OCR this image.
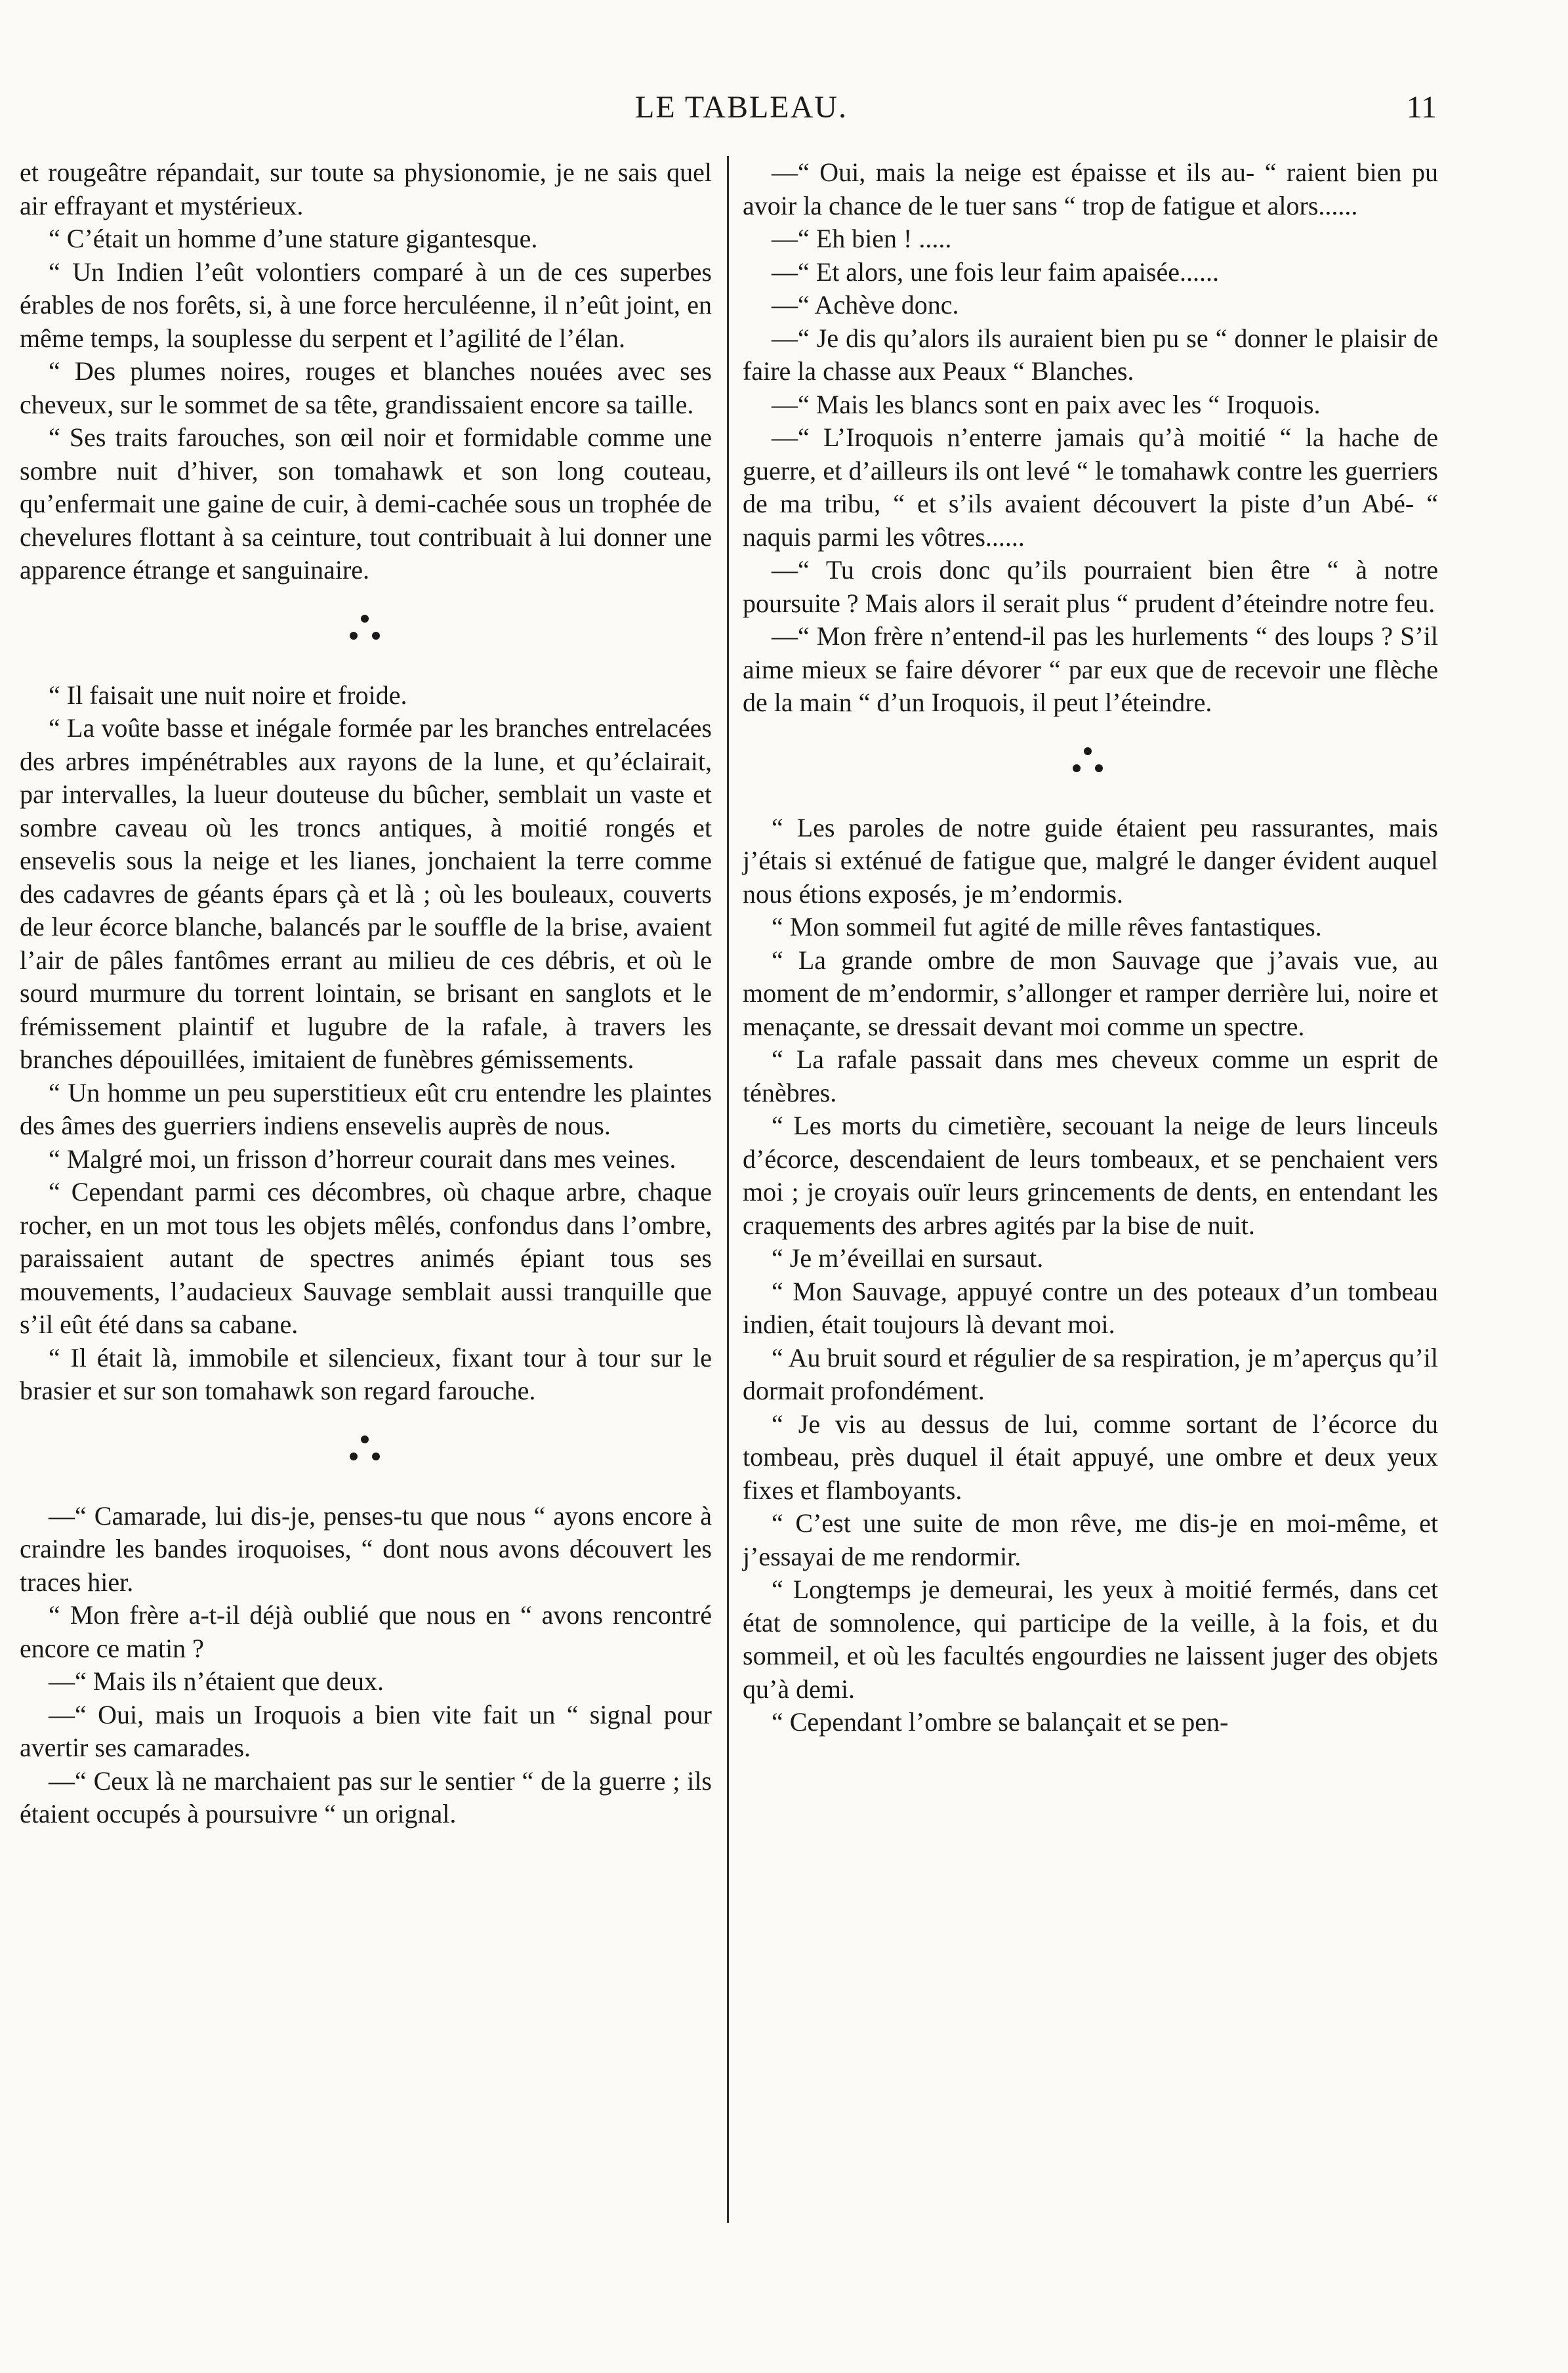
LE TABLEAU.	11

et rougeâtre répandait, sur toute sa physionomie, je ne sais quel air effrayant et mystérieux.

“ C’était un homme d’une stature gigantesque.

“ Un Indien l’eût volontiers comparé à un de ces superbes érables de nos forêts, si, à une force herculéenne, il n’eût joint, en même temps, la souplesse du serpent et l’agilité de l’élan.

“ Des plumes noires, rouges et blanches nouées avec ses cheveux, sur le sommet de sa tête, grandissaient encore sa taille.

“ Ses traits farouches, son œil noir et formidable comme une sombre nuit d’hiver, son tomahawk et son long couteau, qu’enfermait une gaine de cuir, à demi-cachée sous un trophée de chevelures flottant à sa ceinture, tout contribuait à lui donner une apparence étrange et sanguinaire.

“ Il faisait une nuit noire et froide.

“ La voûte basse et inégale formée par les branches entrelacées des arbres impénétrables aux rayons de la lune, et qu’éclairait, par intervalles, la lueur douteuse du bûcher, semblait un vaste et sombre caveau où les troncs antiques, à moitié rongés et ensevelis sous la neige et les lianes, jonchaient la terre comme des cadavres de géants épars çà et là ; où les bouleaux, couverts de leur écorce blanche, balancés par le souffle de la brise, avaient l’air de pâles fantômes errant au milieu de ces débris, et où le sourd murmure du torrent lointain, se brisant en sanglots et le frémissement plaintif et lugubre de la rafale, à travers les branches dépouillées, imitaient de funèbres gémissements.

“ Un homme un peu superstitieux eût cru entendre les plaintes des âmes des guerriers indiens ensevelis auprès de nous.

“ Malgré moi, un frisson d’horreur courait dans mes veines.

“ Cependant parmi ces décombres, où chaque arbre, chaque rocher, en un mot tous les objets mêlés, confondus dans l’ombre, paraissaient autant de spectres animés épiant tous ses mouvements, l’audacieux Sauvage semblait aussi tranquille que s’il eût été dans sa cabane.

“ Il était là, immobile et silencieux, fixant tour à tour sur le brasier et sur son tomahawk son regard farouche.

—“ Camarade, lui dis-je, penses-tu que nous “ ayons encore à craindre les bandes iroquoises, “ dont nous avons découvert les traces hier.

“ Mon frère a-t-il déjà oublié que nous en “ avons rencontré encore ce matin ?

—“ Mais ils n’étaient que deux.

—“ Oui, mais un Iroquois a bien vite fait un “ signal pour avertir ses camarades.

—“ Ceux là ne marchaient pas sur le sentier “ de la guerre ; ils étaient occupés à poursuivre “ un orignal.

—“ Oui, mais la neige est épaisse et ils au- “ raient bien pu avoir la chance de le tuer sans “ trop de fatigue et alors......

—“ Eh bien ! .....

—“ Et alors, une fois leur faim apaisée......

—“ Achève donc.

—“ Je dis qu’alors ils auraient bien pu se “ donner le plaisir de faire la chasse aux Peaux “ Blanches.

—“ Mais les blancs sont en paix avec les “ Iroquois.

—“ L’Iroquois n’enterre jamais qu’à moitié “ la hache de guerre, et d’ailleurs ils ont levé “ le tomahawk contre les guerriers de ma tribu, “ et s’ils avaient découvert la piste d’un Abé- “ naquis parmi les vôtres......

—“ Tu crois donc qu’ils pourraient bien être “ à notre poursuite ? Mais alors il serait plus “ prudent d’éteindre notre feu.

—“ Mon frère n’entend-il pas les hurlements “ des loups ? S’il aime mieux se faire dévorer “ par eux que de recevoir une flèche de la main “ d’un Iroquois, il peut l’éteindre.

“ Les paroles de notre guide étaient peu rassurantes, mais j’étais si exténué de fatigue que, malgré le danger évident auquel nous étions exposés, je m’endormis.

“ Mon sommeil fut agité de mille rêves fantastiques.

“ La grande ombre de mon Sauvage que j’avais vue, au moment de m’endormir, s’allonger et ramper derrière lui, noire et menaçante, se dressait devant moi comme un spectre.

“ La rafale passait dans mes cheveux comme un esprit de ténèbres.

“ Les morts du cimetière, secouant la neige de leurs linceuls d’écorce, descendaient de leurs tombeaux, et se penchaient vers moi ; je croyais ouïr leurs grincements de dents, en entendant les craquements des arbres agités par la bise de nuit.

“ Je m’éveillai en sursaut.

“ Mon Sauvage, appuyé contre un des poteaux d’un tombeau indien, était toujours là devant moi.

“ Au bruit sourd et régulier de sa respiration, je m’aperçus qu’il dormait profondément.

“ Je vis au dessus de lui, comme sortant de l’écorce du tombeau, près duquel il était appuyé, une ombre et deux yeux fixes et flamboyants.

“ C’est une suite de mon rêve, me dis-je en moi-même, et j’essayai de me rendormir.

“ Longtemps je demeurai, les yeux à moitié fermés, dans cet état de somnolence, qui participe de la veille, à la fois, et du sommeil, et où les facultés engourdies ne laissent juger des objets qu’à demi.

“ Cependant l’ombre se balançait et se pen-
